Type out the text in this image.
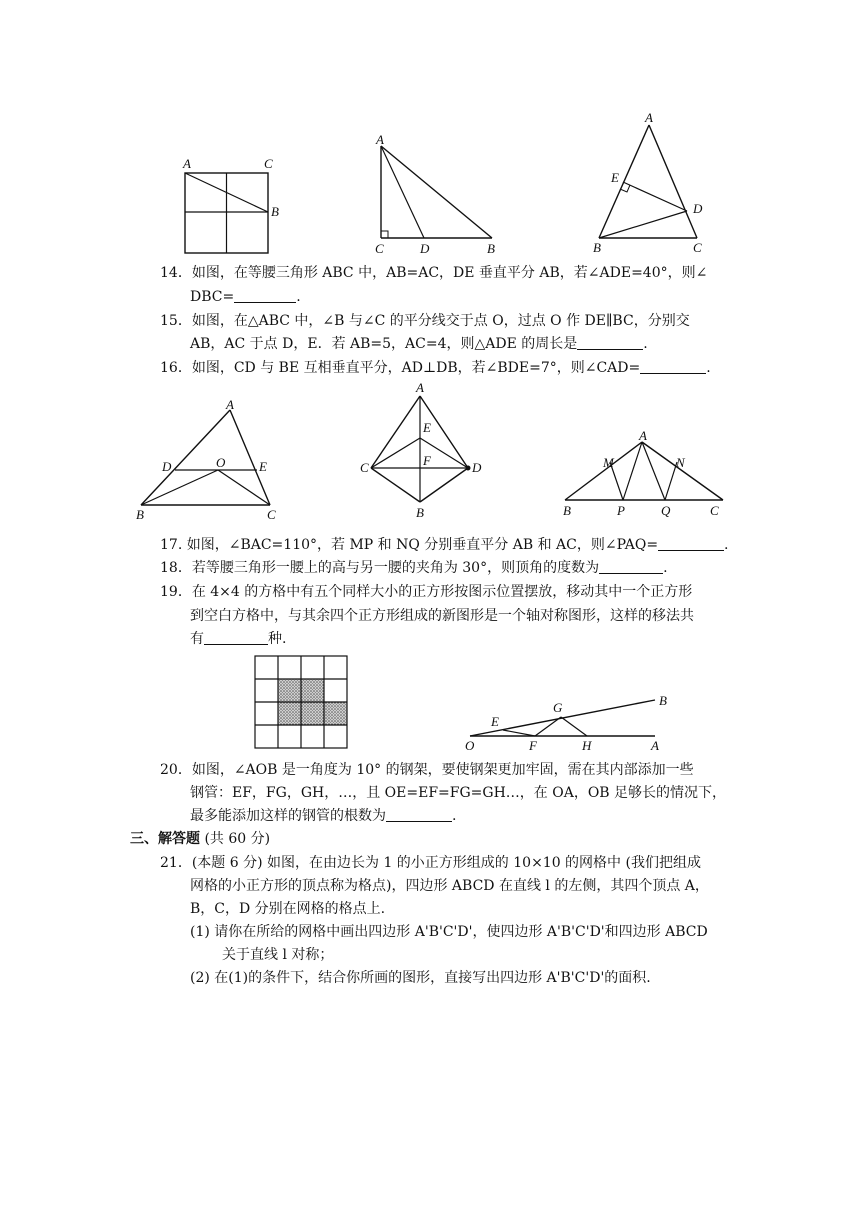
A	C
B
A
C	D	B
A
E
D
B	C
14．如图，在等腰三角形 ABC 中，AB=AC，DE 垂直平分 AB，若∠ADE=40°，则∠
DBC=	.
15．如图，在△ABC 中，∠B 与∠C 的平分线交于点 O，过点 O 作 DE∥BC，分别交
AB，AC 于点 D，E．若 AB=5，AC=4，则△ADE 的周长是	.
16．如图，CD 与 BE 互相垂直平分，AD⊥DB，若∠BDE=7°，则∠CAD=	.
A
D	O	E
B	C
A
E
F
C	D
B
A
M	N
B	P	Q	C
17. 如图，∠BAC=110°，若 MP 和 NQ 分别垂直平分 AB 和 AC，则∠PAQ=	.
18．若等腰三角形一腰上的高与另一腰的夹角为 30°，则顶角的度数为	.
19．在 4×4 的方格中有五个同样大小的正方形按图示位置摆放，移动其中一个正方形
到空白方格中，与其余四个正方形组成的新图形是一个轴对称图形，这样的移法共
有	种.
B
G
E
O	F	H	A
20．如图，∠AOB 是一角度为 10° 的钢架，要使钢架更加牢固，需在其内部添加一些
钢管：EF，FG，GH，…，且 OE=EF=FG=GH…，在 OA，OB 足够长的情况下，
最多能添加这样的钢管的根数为	.
三、解答题 (共 60 分)
21．(本题 6 分) 如图，在由边长为 1 的小正方形组成的 10×10 的网格中 (我们把组成
网格的小正方形的顶点称为格点)，四边形 ABCD 在直线 l 的左侧，其四个顶点 A，
B，C，D 分别在网格的格点上.
(1) 请你在所给的网格中画出四边形 A'B'C'D'，使四边形 A'B'C'D'和四边形 ABCD
关于直线 l 对称；
(2) 在(1)的条件下，结合你所画的图形，直接写出四边形 A'B'C'D'的面积.
